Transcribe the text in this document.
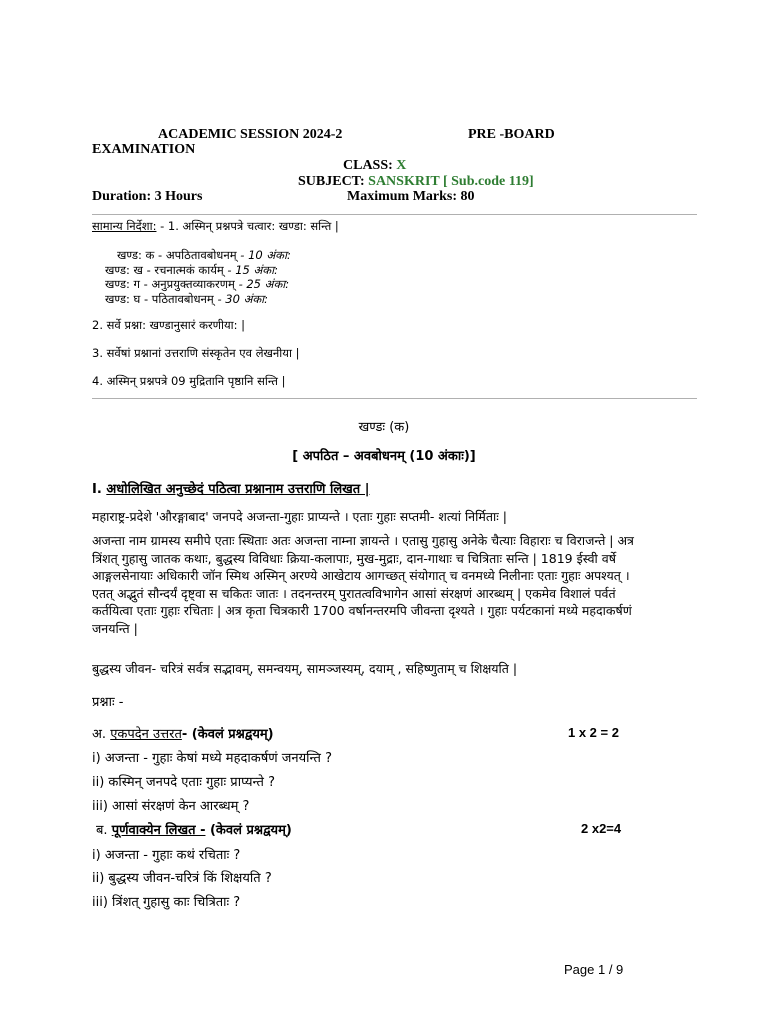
ACADEMIC SESSION 2024-2	PRE -BOARD
EXAMINATION
CLASS: X
SUBJECT: SANSKRIT [ Sub.code 119]
Duration: 3 Hours	Maximum Marks: 80
सामान्य निर्देशा: - 1. अस्मिन् प्रश्नपत्रे चत्वार: खण्डा: सन्ति |
खण्ड: क - अपठितावबोधनम् - 10 अंका:
खण्ड: ख - रचनात्मकं कार्यम् - 15 अंका:
खण्ड: ग - अनुप्रयुक्तव्याकरणम् - 25 अंका:
खण्ड: घ - पठितावबोधनम् - 30 अंका:
2. सर्वे प्रश्ना: खण्डानुसारं करणीया: |
3. सर्वेषां प्रश्नानां उत्तराणि संस्कृतेन एव लेखनीया |
4. अस्मिन् प्रश्नपत्रे 09 मुद्रितानि पृष्ठानि सन्ति |
खण्डः (क)
[ अपठित – अवबोधनम् (10 अंकाः)]
I. अधोलिखित अनुच्छेदं पठित्वा प्रश्नानाम उत्तराणि लिखत |
महाराष्ट्र-प्रदेशे 'औरङ्गाबाद' जनपदे अजन्ता-गुहाः प्राप्यन्ते । एताः गुहाः सप्तमी- शत्यां निर्मिताः |
अजन्ता नाम ग्रामस्य समीपे एताः स्थिताः अतः अजन्ता नाम्ना ज्ञायन्ते । एतासु गुहासु अनेके चैत्याः विहाराः च विराजन्ते | अत्र त्रिंशत् गुहासु जातक कथाः, बुद्धस्य विविधाः क्रिया-कलापाः, मुख-मुद्राः, दान-गाथाः च चित्रिताः सन्ति | 1819 ईस्वी वर्षे आङ्गलसेनायाः अधिकारी जॉन स्मिथ अस्मिन् अरण्ये आखेटाय आगच्छत् संयोगात् च वनमध्ये निलीनाः एताः गुहाः अपश्यत् । एतत् अद्भुतं सौन्दर्यं दृष्ट्वा स चकितः जातः । तदनन्तरम् पुरातत्वविभागेन आसां संरक्षणं आरब्धम् | एकमेव विशालं पर्वतं कर्तयित्वा एताः गुहाः रचिताः | अत्र कृता चित्रकारी 1700 वर्षानन्तरमपि जीवन्ता दृश्यते । गुहाः पर्यटकानां मध्ये महदाकर्षणं जनयन्ति |
बुद्धस्य जीवन- चरित्रं सर्वत्र सद्भावम्, समन्वयम्, सामञ्जस्यम्, दयाम् , सहिष्णुताम् च शिक्षयति |
प्रश्नाः -
अ. एकपदेन उत्तरत- (केवलं प्रश्नद्वयम्)	1 x 2 = 2
i) अजन्ता - गुहाः केषां मध्ये महदाकर्षणं जनयन्ति ?
ii) कस्मिन् जनपदे एताः गुहाः प्राप्यन्ते ?
iii) आसां संरक्षणं केन आरब्धम् ?
ब. पूर्णवाक्येन लिखत - (केवलं प्रश्नद्वयम्)	2 x2=4
i) अजन्ता - गुहाः कथं रचिताः ?
ii) बुद्धस्य जीवन-चरित्रं किं शिक्षयति ?
iii) त्रिंशत् गुहासु काः चित्रिताः ?
Page 1 / 9
